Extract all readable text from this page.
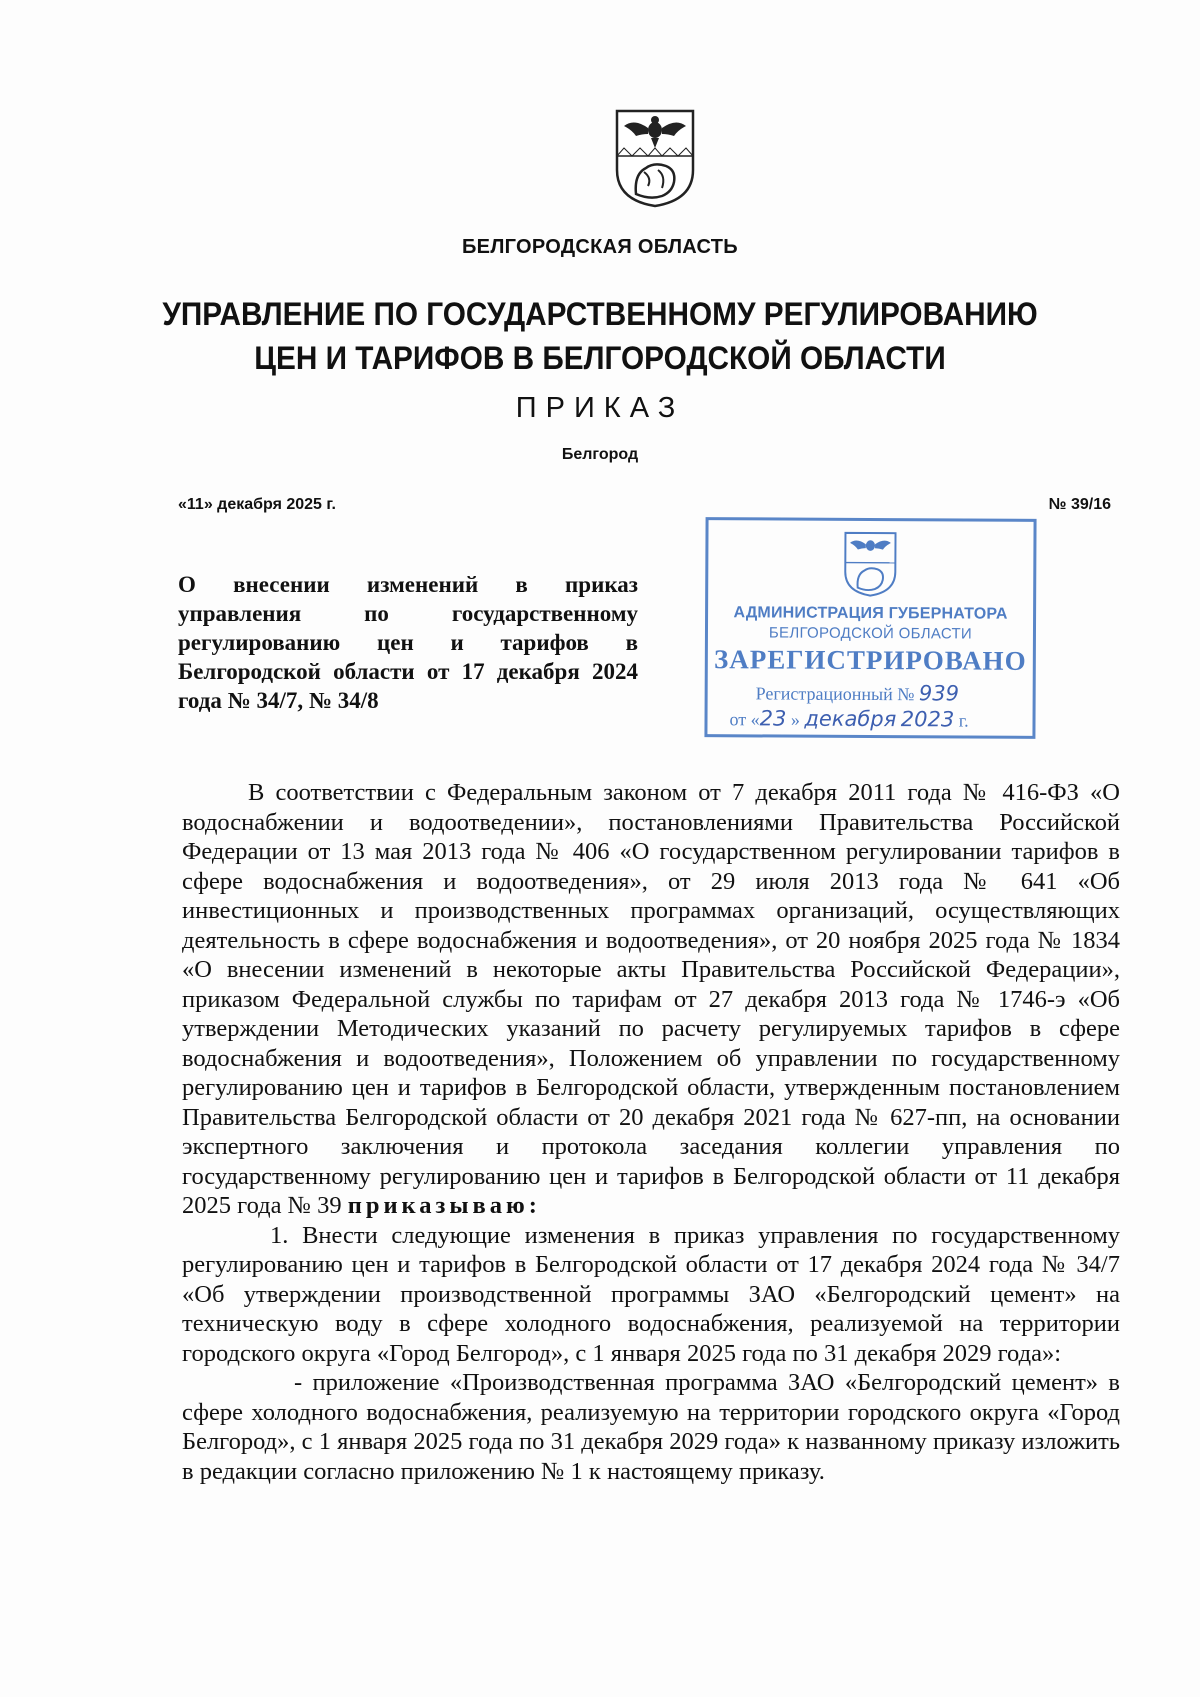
БЕЛГОРОДСКАЯ ОБЛАСТЬ
УПРАВЛЕНИЕ ПО ГОСУДАРСТВЕННОМУ РЕГУЛИРОВАНИЮ
ЦЕН И ТАРИФОВ В БЕЛГОРОДСКОЙ ОБЛАСТИ
ПРИКАЗ
Белгород
«11» декабря 2025 г.	№ 39/16
О внесении изменений в приказ управления по государственному регулированию цен и тарифов в Белгородской области от 17 декабря 2024 года № 34/7, № 34/8
АДМИНИСТРАЦИЯ ГУБЕРНАТОРА
БЕЛГОРОДСКОЙ ОБЛАСТИ
ЗАРЕГИСТРИРОВАНО
Регистрационный № 939
от «23 » декабря 2023 г.

В соответствии с Федеральным законом от 7 декабря 2011 года № 416-ФЗ «О водоснабжении и водоотведении», постановлениями Правительства Российской Федерации от 13 мая 2013 года № 406 «О государственном регулировании тарифов в сфере водоснабжения и водоотведения», от 29 июля 2013 года № 641 «Об инвестиционных и производственных программах организаций, осуществляющих деятельность в сфере водоснабжения и водоотведения», от 20 ноября 2025 года № 1834 «О внесении изменений в некоторые акты Правительства Российской Федерации», приказом Федеральной службы по тарифам от 27 декабря 2013 года № 1746-э «Об утверждении Методических указаний по расчету регулируемых тарифов в сфере водоснабжения и водоотведения», Положением об управлении по государственному регулированию цен и тарифов в Белгородской области, утвержденным постановлением Правительства Белгородской области от 20 декабря 2021 года № 627-пп, на основании экспертного заключения и протокола заседания коллегии управления по государственному регулированию цен и тарифов в Белгородской области от 11 декабря 2025 года № 39 приказываю:

1. Внести следующие изменения в приказ управления по государственному регулированию цен и тарифов в Белгородской области от 17 декабря 2024 года № 34/7 «Об утверждении производственной программы ЗАО «Белгородский цемент» на техническую воду в сфере холодного водоснабжения, реализуемой на территории городского округа «Город Белгород», с 1 января 2025 года по 31 декабря 2029 года»:

- приложение «Производственная программа ЗАО «Белгородский цемент» в сфере холодного водоснабжения, реализуемую на территории городского округа «Город Белгород», с 1 января 2025 года по 31 декабря 2029 года» к названному приказу изложить в редакции согласно приложению № 1 к настоящему приказу.
